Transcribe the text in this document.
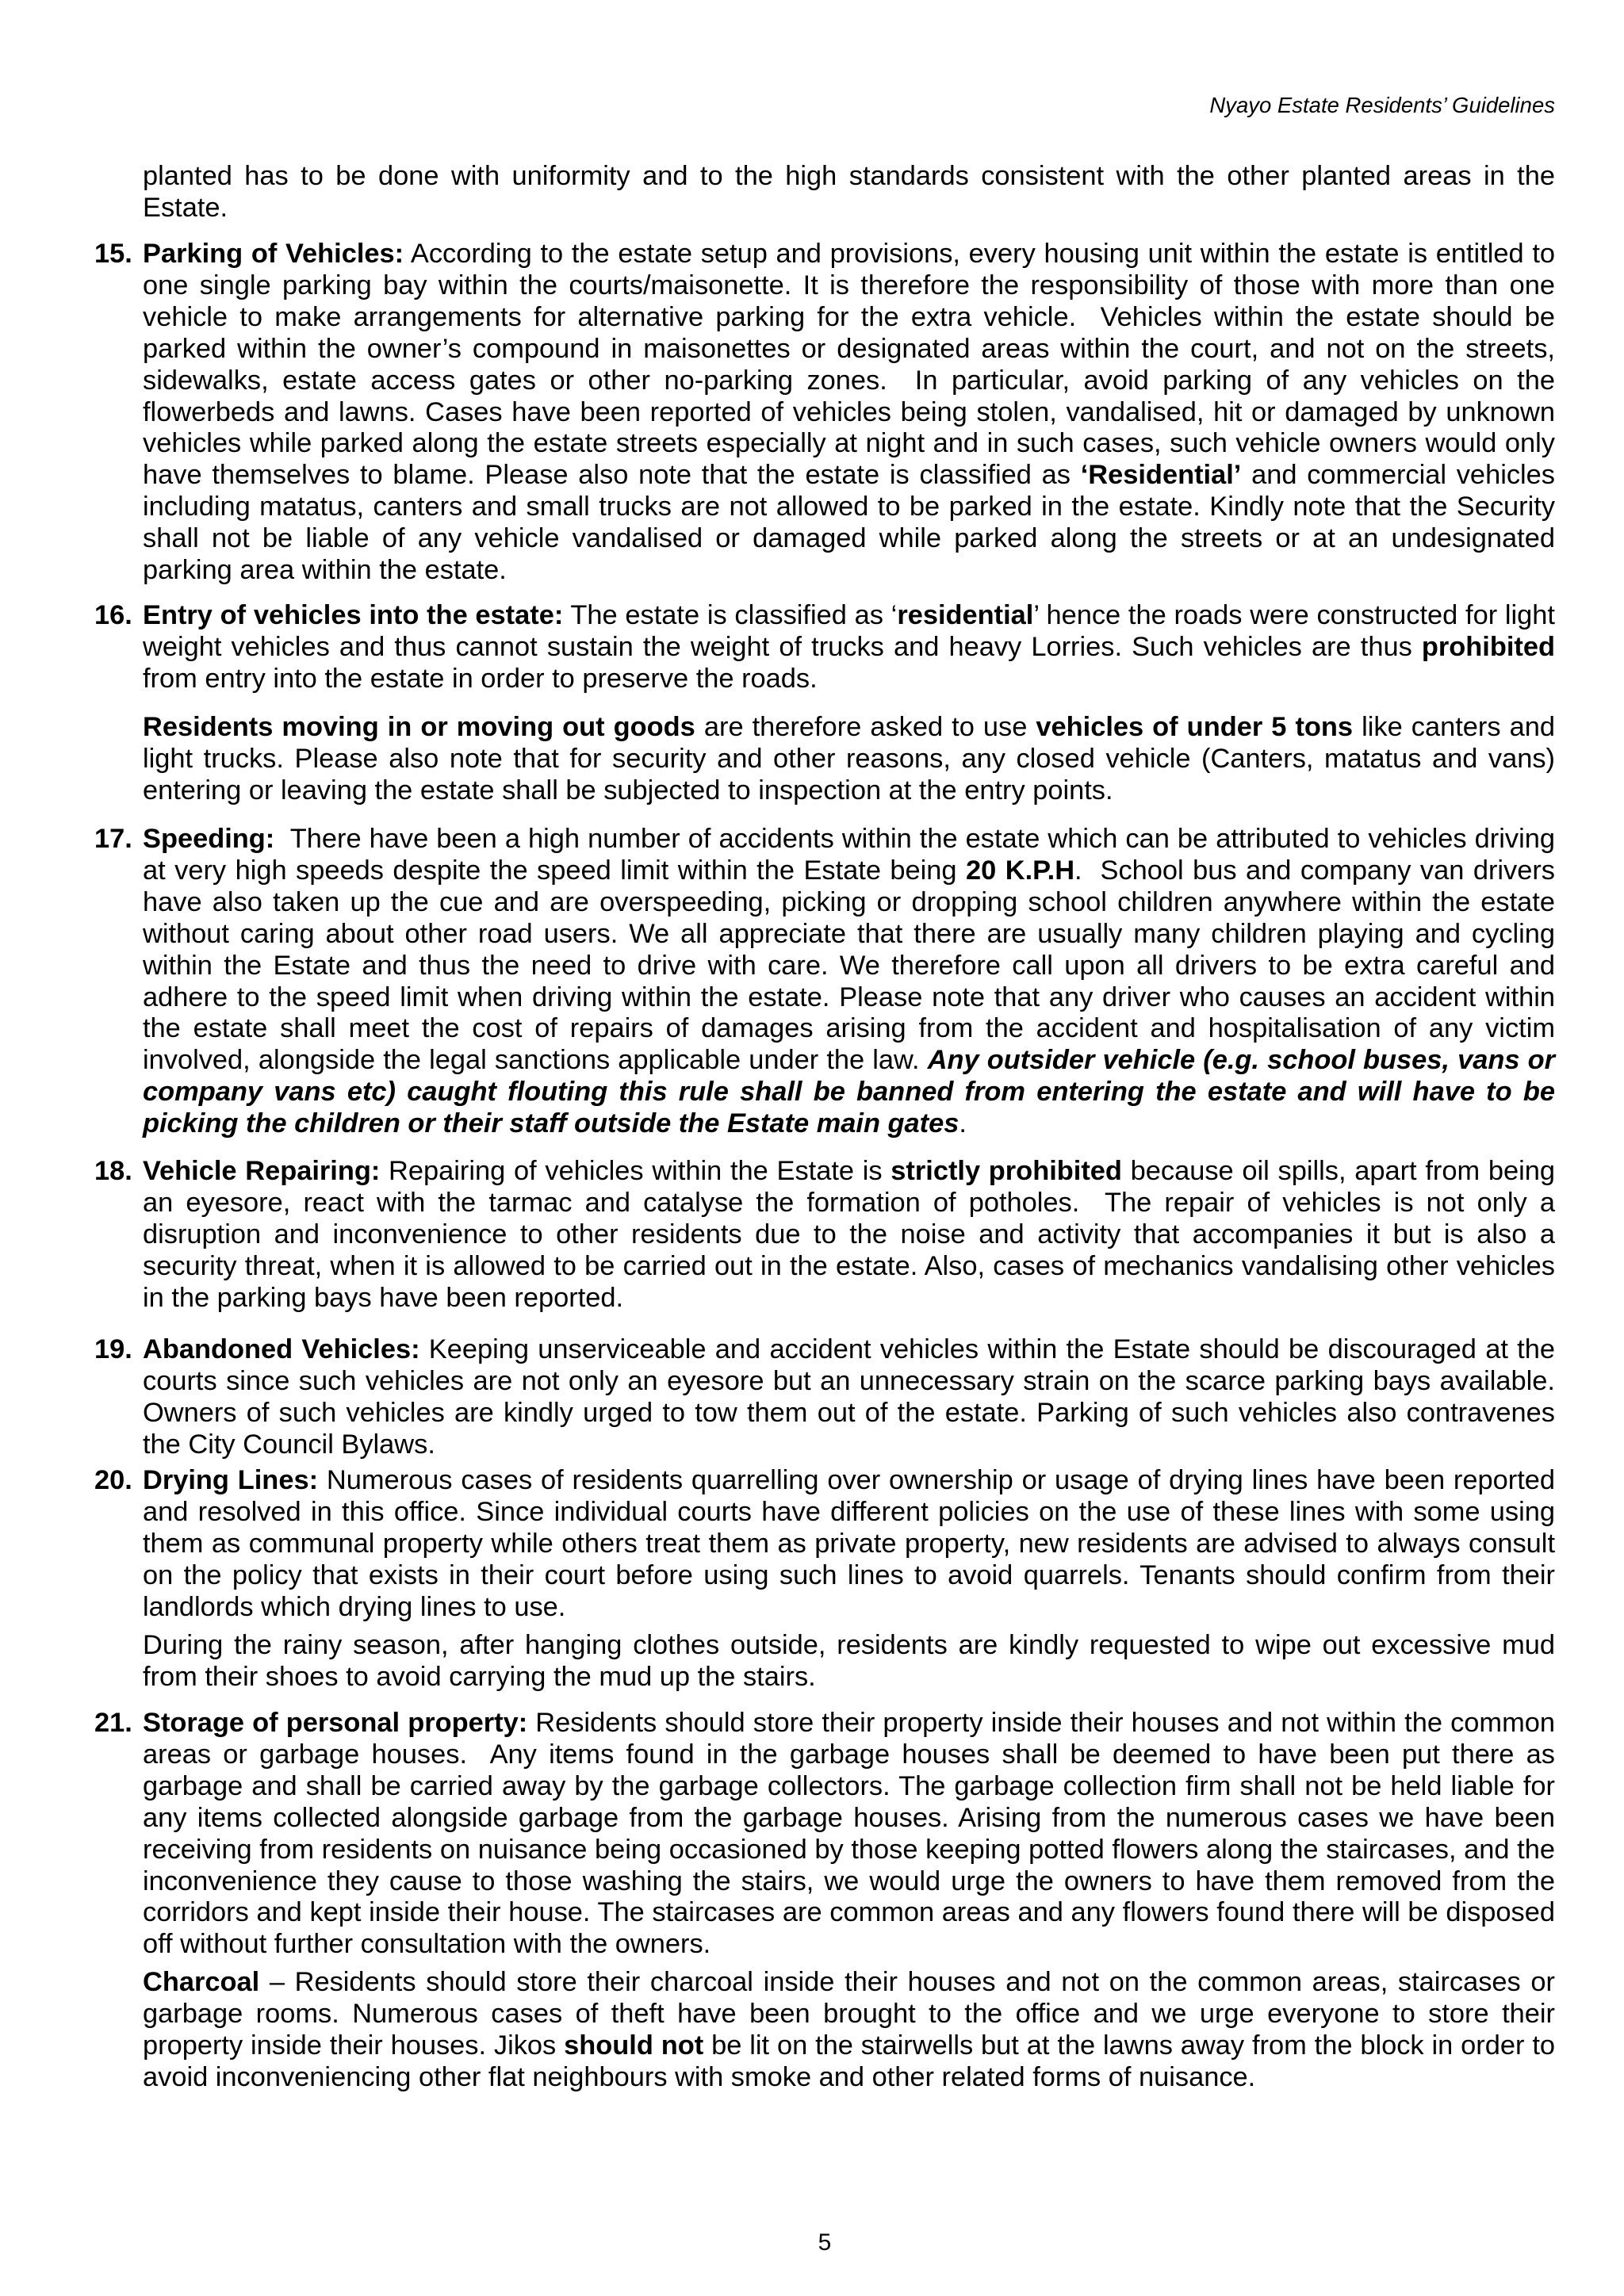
Nyayo Estate Residents’ Guidelines
planted has to be done with uniformity and to the high standards consistent with the other planted areas in the Estate.
15. Parking of Vehicles: According to the estate setup and provisions, every housing unit within the estate is entitled to one single parking bay within the courts/maisonette. It is therefore the responsibility of those with more than one vehicle to make arrangements for alternative parking for the extra vehicle.  Vehicles within the estate should be parked within the owner’s compound in maisonettes or designated areas within the court, and not on the streets, sidewalks, estate access gates or other no-parking zones.  In particular, avoid parking of any vehicles on the flowerbeds and lawns. Cases have been reported of vehicles being stolen, vandalised, hit or damaged by unknown vehicles while parked along the estate streets especially at night and in such cases, such vehicle owners would only have themselves to blame. Please also note that the estate is classified as ‘Residential’ and commercial vehicles including matatus, canters and small trucks are not allowed to be parked in the estate. Kindly note that the Security shall not be liable of any vehicle vandalised or damaged while parked along the streets or at an undesignated parking area within the estate.
16. Entry of vehicles into the estate: The estate is classified as ‘residential’ hence the roads were constructed for light weight vehicles and thus cannot sustain the weight of trucks and heavy Lorries. Such vehicles are thus prohibited from entry into the estate in order to preserve the roads.
Residents moving in or moving out goods are therefore asked to use vehicles of under 5 tons like canters and light trucks. Please also note that for security and other reasons, any closed vehicle (Canters, matatus and vans) entering or leaving the estate shall be subjected to inspection at the entry points.
17. Speeding:  There have been a high number of accidents within the estate which can be attributed to vehicles driving at very high speeds despite the speed limit within the Estate being 20 K.P.H.  School bus and company van drivers have also taken up the cue and are overspeeding, picking or dropping school children anywhere within the estate without caring about other road users. We all appreciate that there are usually many children playing and cycling within the Estate and thus the need to drive with care. We therefore call upon all drivers to be extra careful and adhere to the speed limit when driving within the estate. Please note that any driver who causes an accident within the estate shall meet the cost of repairs of damages arising from the accident and hospitalisation of any victim involved, alongside the legal sanctions applicable under the law. Any outsider vehicle (e.g. school buses, vans or company vans etc) caught flouting this rule shall be banned from entering the estate and will have to be picking the children or their staff outside the Estate main gates.
18. Vehicle Repairing: Repairing of vehicles within the Estate is strictly prohibited because oil spills, apart from being an eyesore, react with the tarmac and catalyse the formation of potholes.  The repair of vehicles is not only a disruption and inconvenience to other residents due to the noise and activity that accompanies it but is also a security threat, when it is allowed to be carried out in the estate. Also, cases of mechanics vandalising other vehicles in the parking bays have been reported.
19. Abandoned Vehicles: Keeping unserviceable and accident vehicles within the Estate should be discouraged at the courts since such vehicles are not only an eyesore but an unnecessary strain on the scarce parking bays available. Owners of such vehicles are kindly urged to tow them out of the estate. Parking of such vehicles also contravenes the City Council Bylaws.
20. Drying Lines: Numerous cases of residents quarrelling over ownership or usage of drying lines have been reported and resolved in this office. Since individual courts have different policies on the use of these lines with some using them as communal property while others treat them as private property, new residents are advised to always consult on the policy that exists in their court before using such lines to avoid quarrels. Tenants should confirm from their landlords which drying lines to use.
During the rainy season, after hanging clothes outside, residents are kindly requested to wipe out excessive mud from their shoes to avoid carrying the mud up the stairs.
21. Storage of personal property: Residents should store their property inside their houses and not within the common areas or garbage houses.  Any items found in the garbage houses shall be deemed to have been put there as garbage and shall be carried away by the garbage collectors. The garbage collection firm shall not be held liable for any items collected alongside garbage from the garbage houses. Arising from the numerous cases we have been receiving from residents on nuisance being occasioned by those keeping potted flowers along the staircases, and the inconvenience they cause to those washing the stairs, we would urge the owners to have them removed from the corridors and kept inside their house. The staircases are common areas and any flowers found there will be disposed off without further consultation with the owners.
Charcoal – Residents should store their charcoal inside their houses and not on the common areas, staircases or garbage rooms. Numerous cases of theft have been brought to the office and we urge everyone to store their property inside their houses. Jikos should not be lit on the stairwells but at the lawns away from the block in order to avoid inconveniencing other flat neighbours with smoke and other related forms of nuisance.
5
